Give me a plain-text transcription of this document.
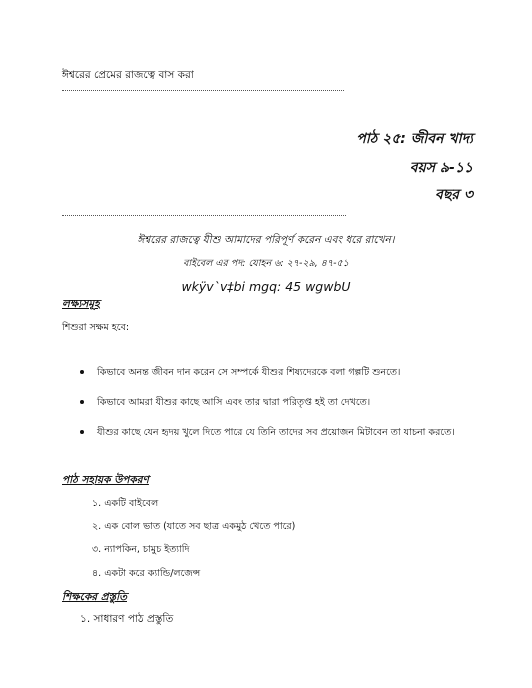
ঈশ্বরের প্রেমের রাজত্বে বাস করা
পাঠ ২৫: জীবন খাদ্য
বয়স ৯-১১
বছর ৩
ঈশ্বরের রাজত্বে যীশু আমাদের পরিপূর্ণ করেন এবং ধরে রাখেন।
বাইবেল এর পদ: যোহন ৬: ২৭-২৯, ৪৭-৫১
wkÿv`v‡bi mgq: 45 wgwbU
লক্ষ্যসমূহ
শিশুরা সক্ষম হবে:
কিভাবে অনন্ত জীবন দান করেন সে সম্পর্কে যীশুর শিষ্যদেরকে বলা গল্পটি শুনতে।
কিভাবে আমরা যীশুর কাছে আসি এবং তার দ্বারা পরিতৃপ্ত হই তা দেখতে।
যীশুর কাছে যেন হৃদয় খুলে দিতে পারে যে তিনি তাদের সব প্রয়োজন মিটাবেন তা যাচনা করতে।
পাঠ সহায়ক উপকরণ
১. একটি বাইবেল
২. এক বোল ভাত (যাতে সব ছাত্র একমুঠ খেতে পারে)
৩. ন্যাপকিন, চামুচ ইত্যাদি
৪. একটা করে ক্যান্ডি/লজেন্স
শিক্ষকের প্রস্তুতি
১. সাধারণ পাঠ প্রস্তুতি
